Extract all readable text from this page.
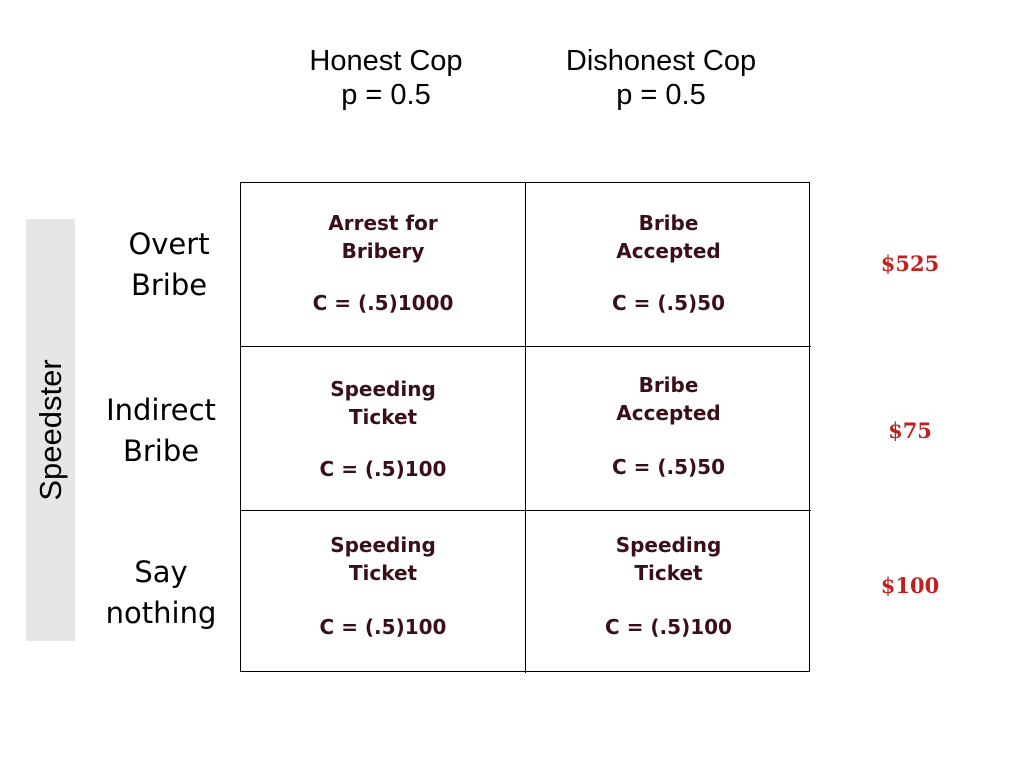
Honest Cop
p = 0.5
Dishonest Cop
p = 0.5
Speedster
Overt
Bribe
Indirect
Bribe
Say
nothing
Arrest for
Bribery
C = (.5)1000
Bribe
Accepted
C = (.5)50
Speeding
Ticket
C = (.5)100
Bribe
Accepted
C = (.5)50
Speeding
Ticket
C = (.5)100
Speeding
Ticket
C = (.5)100
$525
$75
$100
